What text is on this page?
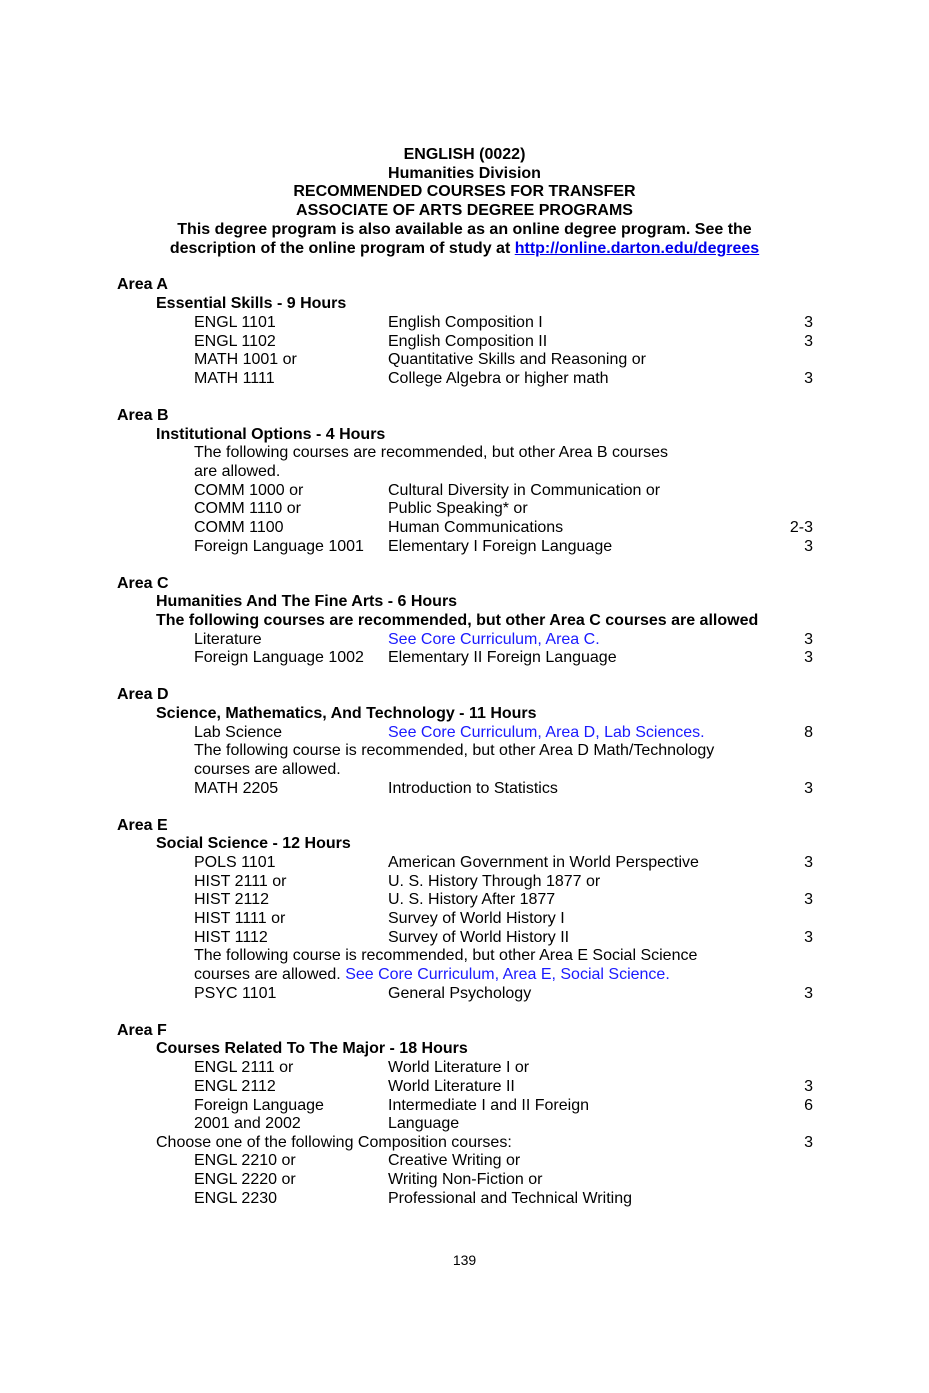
ENGLISH (0022)
Humanities Division
RECOMMENDED COURSES FOR TRANSFER
ASSOCIATE OF ARTS DEGREE PROGRAMS
This degree program is also available as an online degree program. See the
description of the online program of study at http://online.darton.edu/degrees
Area A
Essential Skills - 9 Hours
ENGL 1101	English Composition I	3
ENGL 1102	English Composition II	3
MATH 1001 or	Quantitative Skills and Reasoning or
MATH 1111	College Algebra or higher math	3
Area B
Institutional Options - 4 Hours
The following courses are recommended, but other Area B courses
are allowed.
COMM 1000 or	Cultural Diversity in Communication or
COMM 1110 or	Public Speaking* or
COMM 1100	Human Communications	2-3
Foreign Language 1001 Elementary I Foreign Language	3
Area C
Humanities And The Fine Arts - 6 Hours
The following courses are recommended, but other Area C courses are allowed
Literature	See Core Curriculum, Area C.	3
Foreign Language 1002 Elementary II Foreign Language	3
Area D
Science, Mathematics, And Technology - 11 Hours
Lab Science	See Core Curriculum, Area D, Lab Sciences.	8
The following course is recommended, but other Area D Math/Technology
courses are allowed.
MATH 2205	Introduction to Statistics	3
Area E
Social Science - 12 Hours
POLS 1101	American Government in World Perspective	3
HIST 2111 or	U. S. History Through 1877 or
HIST 2112	U. S. History After 1877	3
HIST 1111 or	Survey of World History I
HIST 1112	Survey of World History II	3
The following course is recommended, but other Area E Social Science
courses are allowed. See Core Curriculum, Area E, Social Science.
PSYC 1101	General Psychology	3
Area F
Courses Related To The Major - 18 Hours
ENGL 2111 or	World Literature I or
ENGL 2112	World Literature II	3
Foreign Language	Intermediate I and II Foreign	6
2001 and 2002	Language
Choose one of the following Composition courses:	3
ENGL 2210 or	Creative Writing or
ENGL 2220 or	Writing Non-Fiction or
ENGL 2230	Professional and Technical Writing
139
